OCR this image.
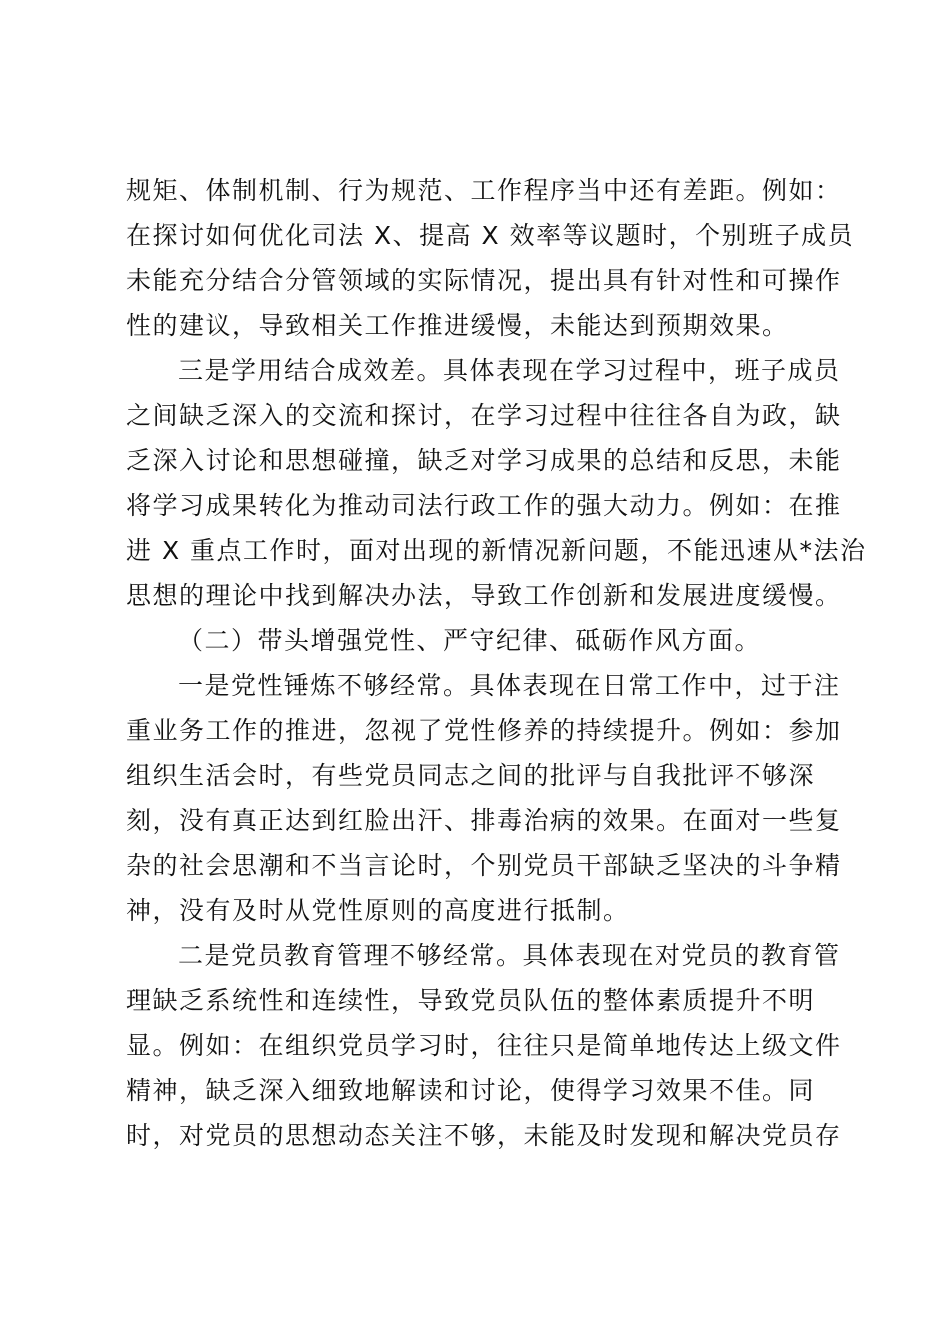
规矩、体制机制、行为规范、工作程序当中还有差距。例如：
在探讨如何优化司法 X、提高 X 效率等议题时，个别班子成员
未能充分结合分管领域的实际情况，提出具有针对性和可操作
性的建议，导致相关工作推进缓慢，未能达到预期效果。
三是学用结合成效差。具体表现在学习过程中，班子成员
之间缺乏深入的交流和探讨，在学习过程中往往各自为政，缺
乏深入讨论和思想碰撞，缺乏对学习成果的总结和反思，未能
将学习成果转化为推动司法行政工作的强大动力。例如：在推
进 X 重点工作时，面对出现的新情况新问题，不能迅速从*法治
思想的理论中找到解决办法，导致工作创新和发展进度缓慢。
（二）带头增强党性、严守纪律、砥砺作风方面。
一是党性锤炼不够经常。具体表现在日常工作中，过于注
重业务工作的推进，忽视了党性修养的持续提升。例如：参加
组织生活会时，有些党员同志之间的批评与自我批评不够深
刻，没有真正达到红脸出汗、排毒治病的效果。在面对一些复
杂的社会思潮和不当言论时，个别党员干部缺乏坚决的斗争精
神，没有及时从党性原则的高度进行抵制。
二是党员教育管理不够经常。具体表现在对党员的教育管
理缺乏系统性和连续性，导致党员队伍的整体素质提升不明
显。例如：在组织党员学习时，往往只是简单地传达上级文件
精神，缺乏深入细致地解读和讨论，使得学习效果不佳。同
时，对党员的思想动态关注不够，未能及时发现和解决党员存
